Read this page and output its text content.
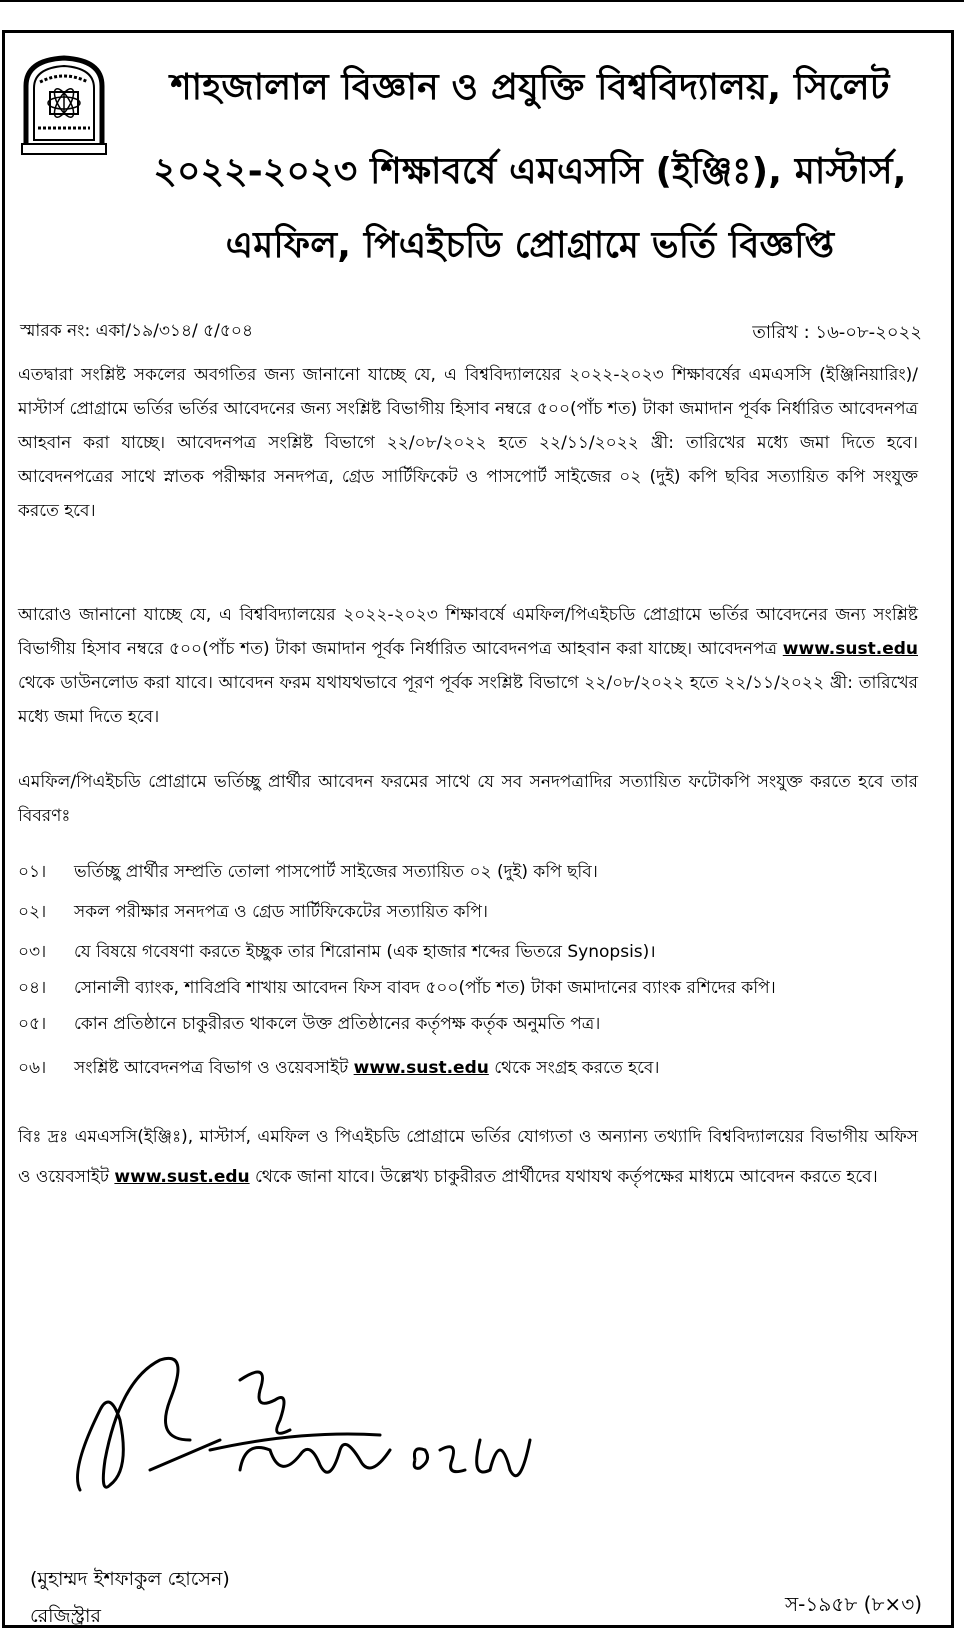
শাহজালাল বিজ্ঞান ও প্রযুক্তি বিশ্ববিদ্যালয়, সিলেট
২০২২-২০২৩ শিক্ষাবর্ষে এমএসসি (ইঞ্জিঃ), মাস্টার্স,
এমফিল, পিএইচডি প্রোগ্রামে ভর্তি বিজ্ঞপ্তি
স্মারক নং: একা/১৯/৩১৪/ ৫/৫০৪	তারিখ : ১৬-০৮-২০২২

এতদ্বারা সংশ্লিষ্ট সকলের অবগতির জন্য জানানো যাচ্ছে যে, এ বিশ্ববিদ্যালয়ের ২০২২-২০২৩ শিক্ষাবর্ষের এমএসসি (ইঞ্জিনিয়ারিং)/মাস্টার্স প্রোগ্রামে ভর্তির ভর্তির আবেদনের জন্য সংশ্লিষ্ট বিভাগীয় হিসাব নম্বরে ৫০০(পাঁচ শত) টাকা জমাদান পূর্বক নির্ধারিত আবেদনপত্র আহবান করা যাচ্ছে। আবেদনপত্র সংশ্লিষ্ট বিভাগে ২২/০৮/২০২২ হতে ২২/১১/২০২২ খ্রী: তারিখের মধ্যে জমা দিতে হবে। আবেদনপত্রের সাথে স্নাতক পরীক্ষার সনদপত্র, গ্রেড সার্টিফিকেট ও পাসপোর্ট সাইজের ০২ (দুই) কপি ছবির সত্যায়িত কপি সংযুক্ত করতে হবে।

আরোও জানানো যাচ্ছে যে, এ বিশ্ববিদ্যালয়ের ২০২২-২০২৩ শিক্ষাবর্ষে এমফিল/পিএইচডি প্রোগ্রামে ভর্তির আবেদনের জন্য সংশ্লিষ্ট বিভাগীয় হিসাব নম্বরে ৫০০(পাঁচ শত) টাকা জমাদান পূর্বক নির্ধারিত আবেদনপত্র আহবান করা যাচ্ছে। আবেদনপত্র www.sust.edu থেকে ডাউনলোড করা যাবে। আবেদন ফরম যথাযথভাবে পূরণ পূর্বক সংশ্লিষ্ট বিভাগে ২২/০৮/২০২২ হতে ২২/১১/২০২২ খ্রী: তারিখের মধ্যে জমা দিতে হবে।

এমফিল/পিএইচডি প্রোগ্রামে ভর্তিচ্ছু প্রার্থীর আবেদন ফরমের সাথে যে সব সনদপত্রাদির সত্যায়িত ফটোকপি সংযুক্ত করতে হবে তার বিবরণঃ

০১। ভর্তিচ্ছু প্রার্থীর সম্প্রতি তোলা পাসপোর্ট সাইজের সত্যায়িত ০২ (দুই) কপি ছবি।
০২। সকল পরীক্ষার সনদপত্র ও গ্রেড সার্টিফিকেটের সত্যায়িত কপি।
০৩। যে বিষয়ে গবেষণা করতে ইচ্ছুক তার শিরোনাম (এক হাজার শব্দের ভিতরে Synopsis)।
০৪। সোনালী ব্যাংক, শাবিপ্রবি শাখায় আবেদন ফিস বাবদ ৫০০(পাঁচ শত) টাকা জমাদানের ব্যাংক রশিদের কপি।
০৫। কোন প্রতিষ্ঠানে চাকুরীরত থাকলে উক্ত প্রতিষ্ঠানের কর্তৃপক্ষ কর্তৃক অনুমতি পত্র।
০৬। সংশ্লিষ্ট আবেদনপত্র বিভাগ ও ওয়েবসাইট www.sust.edu থেকে সংগ্রহ করতে হবে।

বিঃ দ্রঃ এমএসসি(ইঞ্জিঃ), মাস্টার্স, এমফিল ও পিএইচডি প্রোগ্রামে ভর্তির যোগ্যতা ও অন্যান্য তথ্যাদি বিশ্ববিদ্যালয়ের বিভাগীয় অফিস ও ওয়েবসাইট www.sust.edu থেকে জানা যাবে। উল্লেখ্য চাকুরীরত প্রার্থীদের যথাযথ কর্তৃপক্ষের মাধ্যমে আবেদন করতে হবে।

(মুহাম্মদ ইশফাকুল হোসেন)
রেজিস্ট্রার	স-১৯৫৮ (৮×৩)
